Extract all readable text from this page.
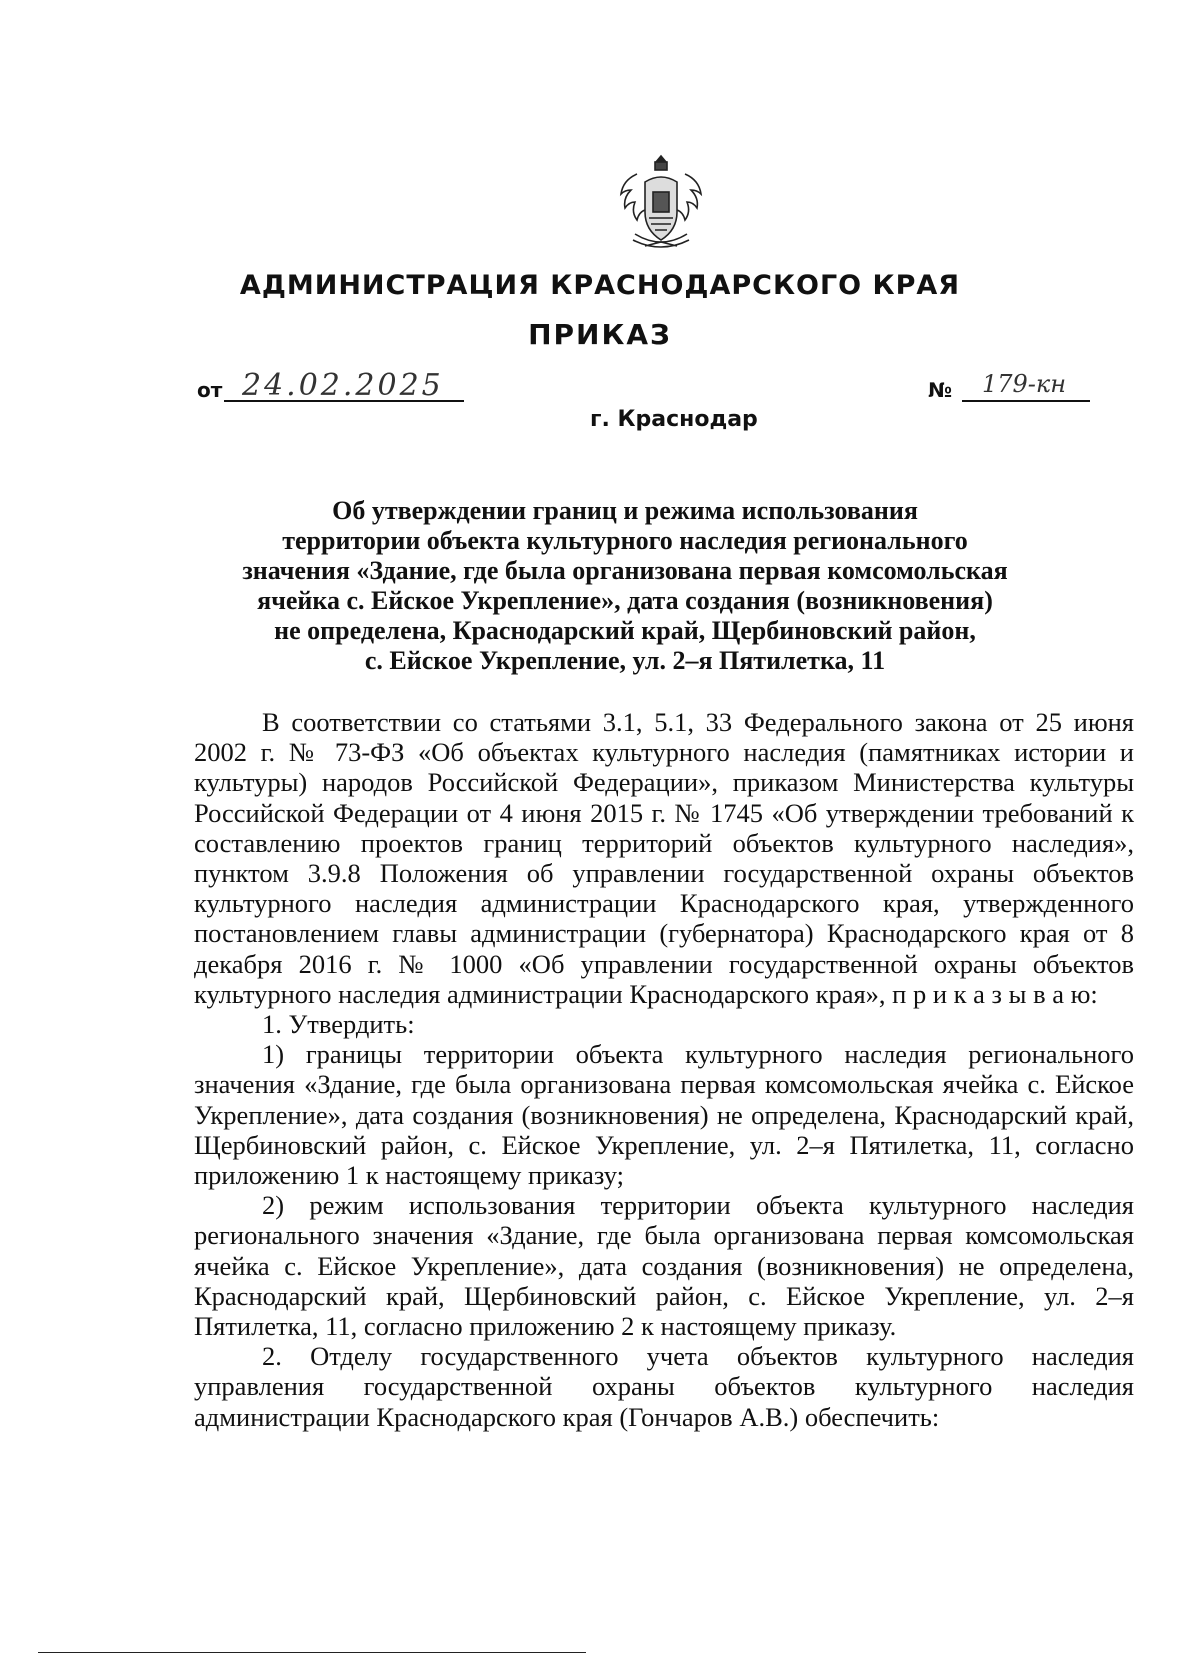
АДМИНИСТРАЦИЯ КРАСНОДАРСКОГО КРАЯ
ПРИКАЗ
от 24.02.2025	№	179-кн
г. Краснодар
Об утверждении границ и режима использования
территории объекта культурного наследия регионального
значения «Здание, где была организована первая комсомольская
ячейка с. Ейское Укрепление», дата создания (возникновения)
не определена, Краснодарский край, Щербиновский район,
с. Ейское Укрепление, ул. 2–я Пятилетка, 11

В соответствии со статьями 3.1, 5.1, 33 Федерального закона от 25 июня 2002 г. № 73-ФЗ «Об объектах культурного наследия (памятниках истории и культуры) народов Российской Федерации», приказом Министерства культуры Российской Федерации от 4 июня 2015 г. № 1745 «Об утверждении требований к составлению проектов границ территорий объектов культурного наследия», пунктом 3.9.8 Положения об управлении государственной охраны объектов культурного наследия администрации Краснодарского края, утвержденного постановлением главы администрации (губернатора) Краснодарского края от 8 декабря 2016 г. № 1000 «Об управлении государственной охраны объектов культурного наследия администрации Краснодарского края», п р и к а з ы в а ю:

1. Утвердить:

1) границы территории объекта культурного наследия регионального значения «Здание, где была организована первая комсомольская ячейка с. Ейское Укрепление», дата создания (возникновения) не определена, Краснодарский край, Щербиновский район, с. Ейское Укрепление, ул. 2–я Пятилетка, 11, согласно приложению 1 к настоящему приказу;

2) режим использования территории объекта культурного наследия регионального значения «Здание, где была организована первая комсомольская ячейка с. Ейское Укрепление», дата создания (возникновения) не определена, Краснодарский край, Щербиновский район, с. Ейское Укрепление, ул. 2–я Пятилетка, 11, согласно приложению 2 к настоящему приказу.

2. Отделу государственного учета объектов культурного наследия управления государственной охраны объектов культурного наследия администрации Краснодарского края (Гончаров А.В.) обеспечить:
